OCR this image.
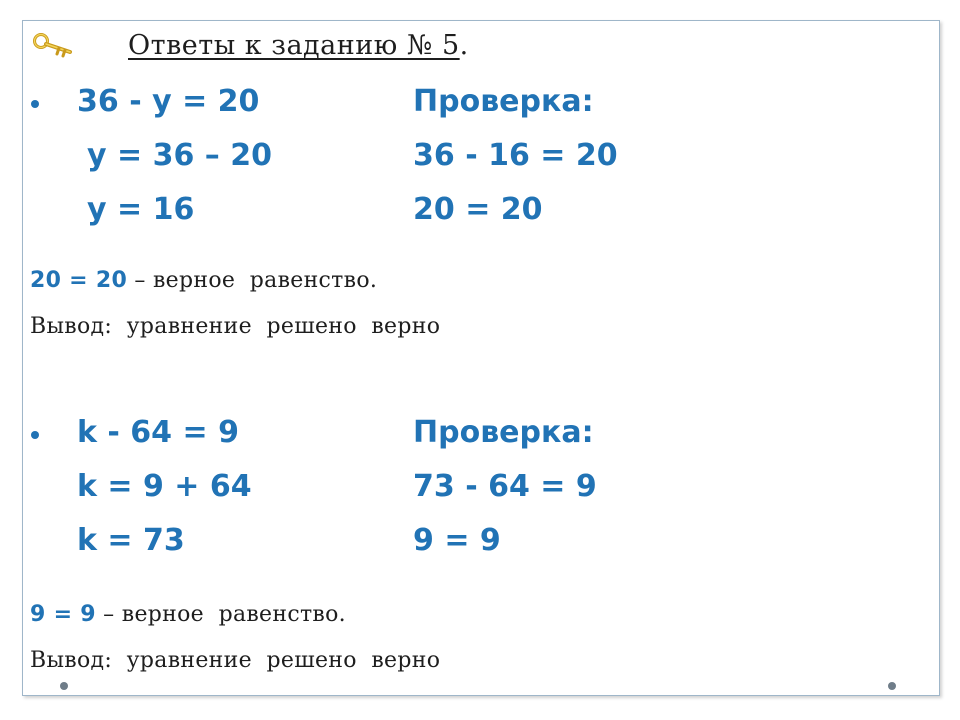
Ответы к заданию № 5.
36 - y = 20
y = 36 – 20
y = 16
Проверка:
36 - 16 = 20
20 = 20
20 = 20 – верное  равенство.
Вывод:  уравнение  решено  верно
k - 64 = 9
k = 9 + 64
k = 73
Проверка:
73 - 64 = 9
9 = 9
9 = 9 – верное  равенство.
Вывод:  уравнение  решено  верно
